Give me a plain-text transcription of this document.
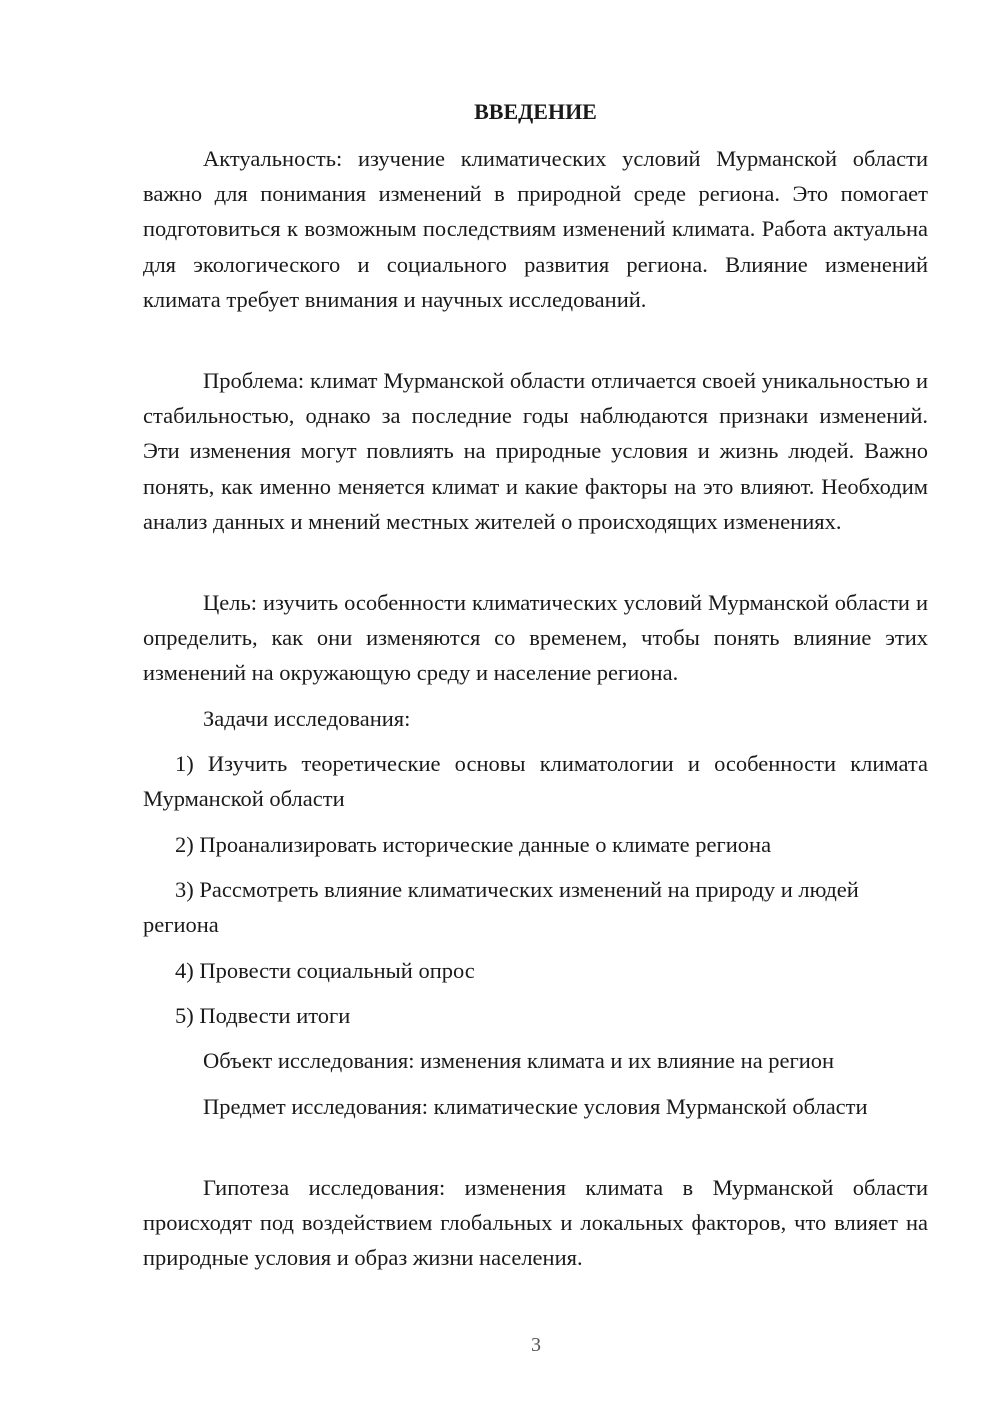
ВВЕДЕНИЕ

Актуальность: изучение климатических условий Мурманской области важно для понимания изменений в природной среде региона. Это помогает подготовиться к возможным последствиям изменений климата. Работа актуальна для экологического и социального развития региона. Влияние изменений климата требует внимания и научных исследований.

Проблема: климат Мурманской области отличается своей уникальностью и стабильностью, однако за последние годы наблюдаются признаки изменений. Эти изменения могут повлиять на природные условия и жизнь людей. Важно понять, как именно меняется климат и какие факторы на это влияют. Необходим анализ данных и мнений местных жителей о происходящих изменениях.

Цель: изучить особенности климатических условий Мурманской области и определить, как они изменяются со временем, чтобы понять влияние этих изменений на окружающую среду и население региона.

Задачи исследования:

1) Изучить теоретические основы климатологии и особенности климата Мурманской области

2) Проанализировать исторические данные о климате региона

3) Рассмотреть влияние климатических изменений на природу и людей региона

4) Провести социальный опрос

5) Подвести итоги

Объект исследования: изменения климата и их влияние на регион

Предмет исследования: климатические условия Мурманской области

Гипотеза исследования: изменения климата в Мурманской области происходят под воздействием глобальных и локальных факторов, что влияет на природные условия и образ жизни населения.

3
